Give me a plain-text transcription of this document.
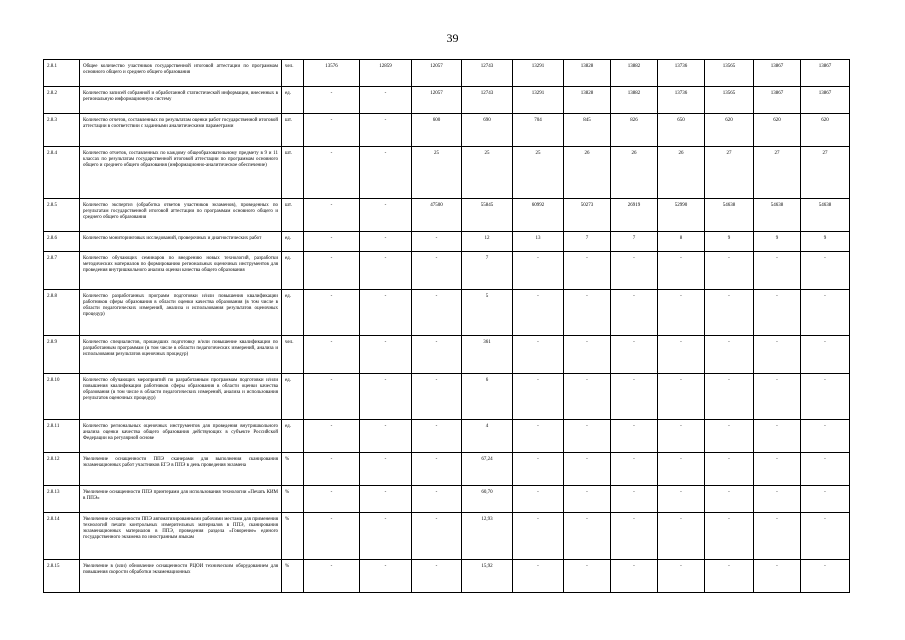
39
2.8.1	Общее количество участников государственной итоговой аттестации по программам основного общего и среднего общего образования	чел.	13576	12859	12057	12743	13291	13828	13882	13736	13565	13867	13867
2.8.2	Количество записей собранной и обработанной статистической информации, внесенных в региональную информационную систему	ед.	-	-	12057	12743	13291	13828	13882	13736	13565	13867	13867
2.8.3	Количество отчетов, составленных по результатам оценки работ государственной итоговой аттестации в соответствии с заданными аналитическими параметрами	шт.	-	-	600	690	704	845	826	650	620	620	620
2.8.4	Количество отчетов, составленных по каждому общеобразовательному предмету в 9 и 11 классах по результатам государственной итоговой аттестации по программам основного общего и среднего общего образования (информационно-аналитическое обеспечение)	шт.	-	-	25	25	25	26	26	26	27	27	27
2.8.5	Количество экспертиз (обработка ответов участников экзаменов), проведенных по результатам государственной итоговой аттестации по программам основного общего и среднего общего образования	шт.	-	-	47500	55845	60992	50273	26919	52990	54638	54638	54638
2.8.6	Количество мониторинговых исследований, проверочных и диагностических работ	ед.	-	-	-	12	13	7	7	8	9	9	9
2.8.7	Количество обучающих семинаров по внедрению новых технологий, разработки методических материалов по формированию региональных оценочных инструментов для проведения внутришкольного анализа оценки качества общего образования	ед.	-	-	-	7	-	-	-	-	-	-	-
2.8.8	Количество разработанных программ подготовки и/или повышения квалификации работников сферы образования в области оценки качества образования (в том числе в области педагогических измерений, анализа и использования результатов оценочных процедур)	ед.	-	-	-	5	-	-	-	-	-	-	-
2.8.9	Количество специалистов, прошедших подготовку и/или повышение квалификации по разработанным программам (в том числе в области педагогических измерений, анализа и использования результатов оценочных процедур)	чел.	-	-	-	361	-	-	-	-	-	-	-
2.8.10	Количество обучающих мероприятий по разработанным программам подготовки и/или повышения квалификации работников сферы образования в области оценки качества образования (в том числе в области педагогических измерений, анализа и использования результатов оценочных процедур)	ед.	-	-	-	6	-	-	-	-	-	-	-
2.8.11	Количество региональных оценочных инструментов для проведения внутришкольного анализа оценки качества общего образования действующих в субъекте Российской Федерации на регулярной основе	ед.	-	-	-	4	-	-	-	-	-	-	-
2.8.12	Увеличение оснащенности ППЭ сканерами для выполнения сканирования экзаменационных работ участников ЕГЭ в ППЭ в день проведения экзамена	%	-	-	-	67,24	-	-	-	-	-	-	-
2.8.13	Увеличение оснащенности ППЭ принтерами для использования технологии «Печать КИМ в ППЭ»	%	-	-	-	60,70	-	-	-	-	-	-	-
2.8.14	Увеличение оснащенности ППЭ автоматизированными рабочими местами для применения технологий печати контрольных измерительных материалов в ППЭ, сканирования экзаменационных материалов в ППЭ, проведения раздела «Говорение» единого государственного экзамена по иностранным языкам	%	-	-	-	12,93	-	-	-	-	-	-	-
2.8.15	Увеличение в (или) обновление оснащенности РЦОИ техническим оборудованием для повышения скорости обработки экзаменационных	%	-	-	-	15,92	-	-	-	-	-	-	-
